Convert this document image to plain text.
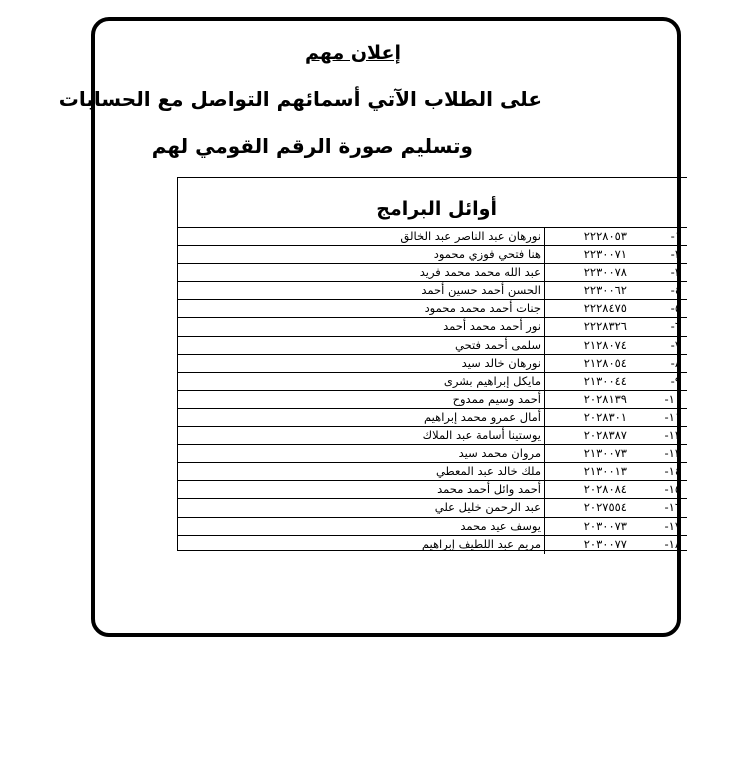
إعلان مهم
على الطلاب الآتي أسمائهم التواصل مع الحسابات
وتسليم صورة الرقم القومي لهم
أوائل البرامج
نورهان عبد الناصر عبد الخالق	٢٢٢٨٠٥٣	١-
هنا فتحي فوزي محمود	٢٢٣٠٠٧١	٢-
عبد الله محمد محمد فريد	٢٢٣٠٠٧٨	٣-
الحسن أحمد حسين أحمد	٢٢٣٠٠٦٢	٤-
جنات أحمد محمد محمود	٢٢٢٨٤٧٥	٥-
نور أحمد محمد أحمد	٢٢٢٨٣٢٦	٦-
سلمى أحمد فتحي	٢١٢٨٠٧٤	٧-
نورهان خالد سيد	٢١٢٨٠٥٤	٨-
مايكل إبراهيم بشرى	٢١٣٠٠٤٤	٩-
أحمد وسيم ممدوح	٢٠٢٨١٣٩	١٠-
أمال عمرو محمد إبراهيم	٢٠٢٨٣٠١	١١-
يوستينا أسامة عبد الملاك	٢٠٢٨٣٨٧	١٢-
مروان محمد سيد	٢١٣٠٠٧٣	١٣-
ملك خالد عبد المعطي	٢١٣٠٠١٣	١٤-
أحمد وائل أحمد محمد	٢٠٢٨٠٨٤	١٥-
عبد الرحمن خليل علي	٢٠٢٧٥٥٤	١٦-
يوسف عيد محمد	٢٠٣٠٠٧٣	١٧-
مريم عبد اللطيف إبراهيم	٢٠٣٠٠٧٧	١٨-
